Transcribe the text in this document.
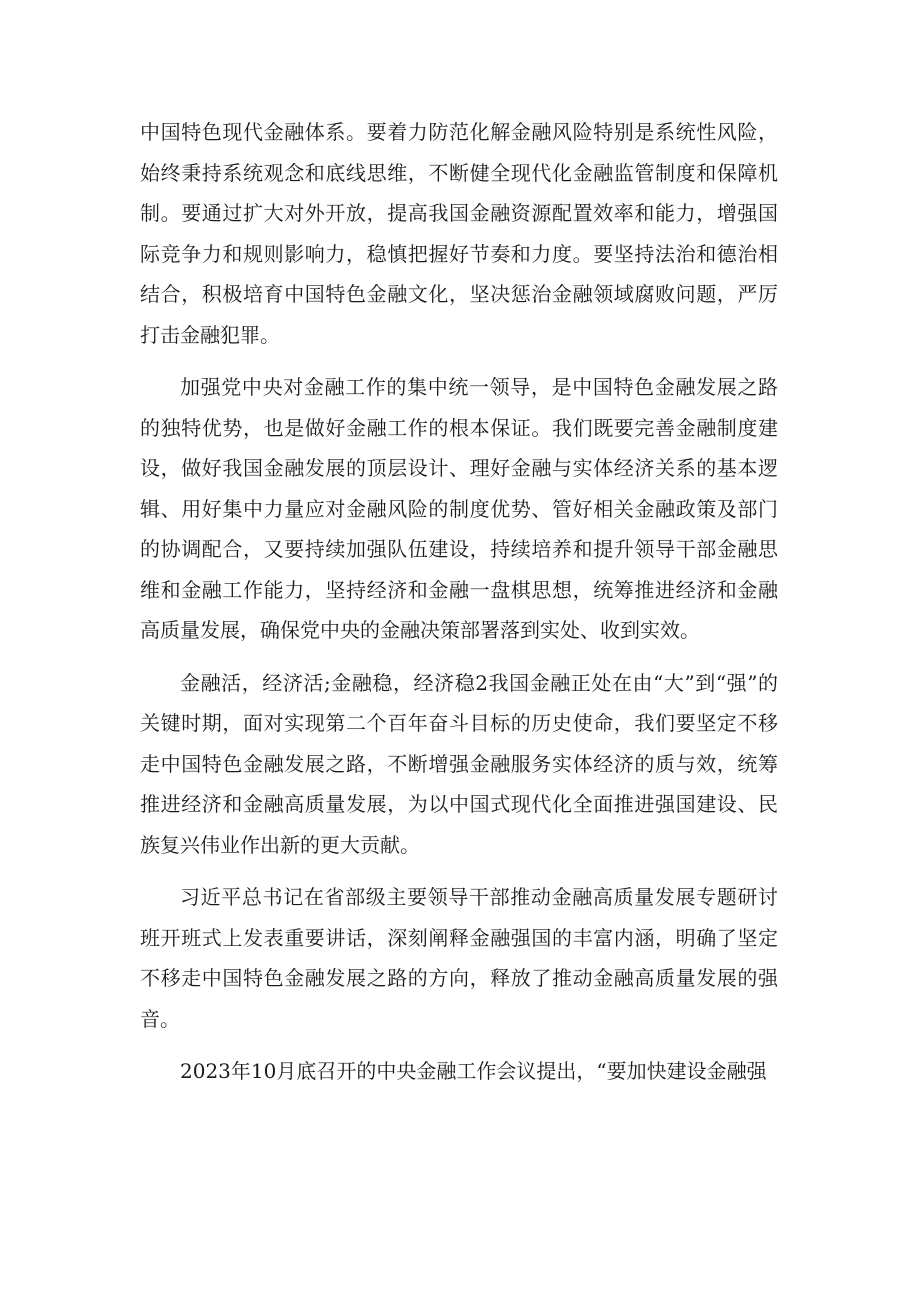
中国特色现代金融体系。要着力防范化解金融风险特别是系统性风险，始终秉持系统观念和底线思维，不断健全现代化金融监管制度和保障机制。要通过扩大对外开放，提高我国金融资源配置效率和能力，增强国际竞争力和规则影响力，稳慎把握好节奏和力度。要坚持法治和德治相结合，积极培育中国特色金融文化，坚决惩治金融领域腐败问题，严厉打击金融犯罪。

加强党中央对金融工作的集中统一领导，是中国特色金融发展之路的独特优势，也是做好金融工作的根本保证。我们既要完善金融制度建设，做好我国金融发展的顶层设计、理好金融与实体经济关系的基本逻辑、用好集中力量应对金融风险的制度优势、管好相关金融政策及部门的协调配合，又要持续加强队伍建设，持续培养和提升领导干部金融思维和金融工作能力，坚持经济和金融一盘棋思想，统筹推进经济和金融高质量发展，确保党中央的金融决策部署落到实处、收到实效。

金融活，经济活;金融稳，经济稳2我国金融正处在由“大”到“强”的关键时期，面对实现第二个百年奋斗目标的历史使命，我们要坚定不移走中国特色金融发展之路，不断增强金融服务实体经济的质与效，统筹推进经济和金融高质量发展，为以中国式现代化全面推进强国建设、民族复兴伟业作出新的更大贡献。

习近平总书记在省部级主要领导干部推动金融高质量发展专题研讨班开班式上发表重要讲话，深刻阐释金融强国的丰富内涵，明确了坚定不移走中国特色金融发展之路的方向，释放了推动金融高质量发展的强音。

2023年10月底召开的中央金融工作会议提出，“要加快建设金融强
